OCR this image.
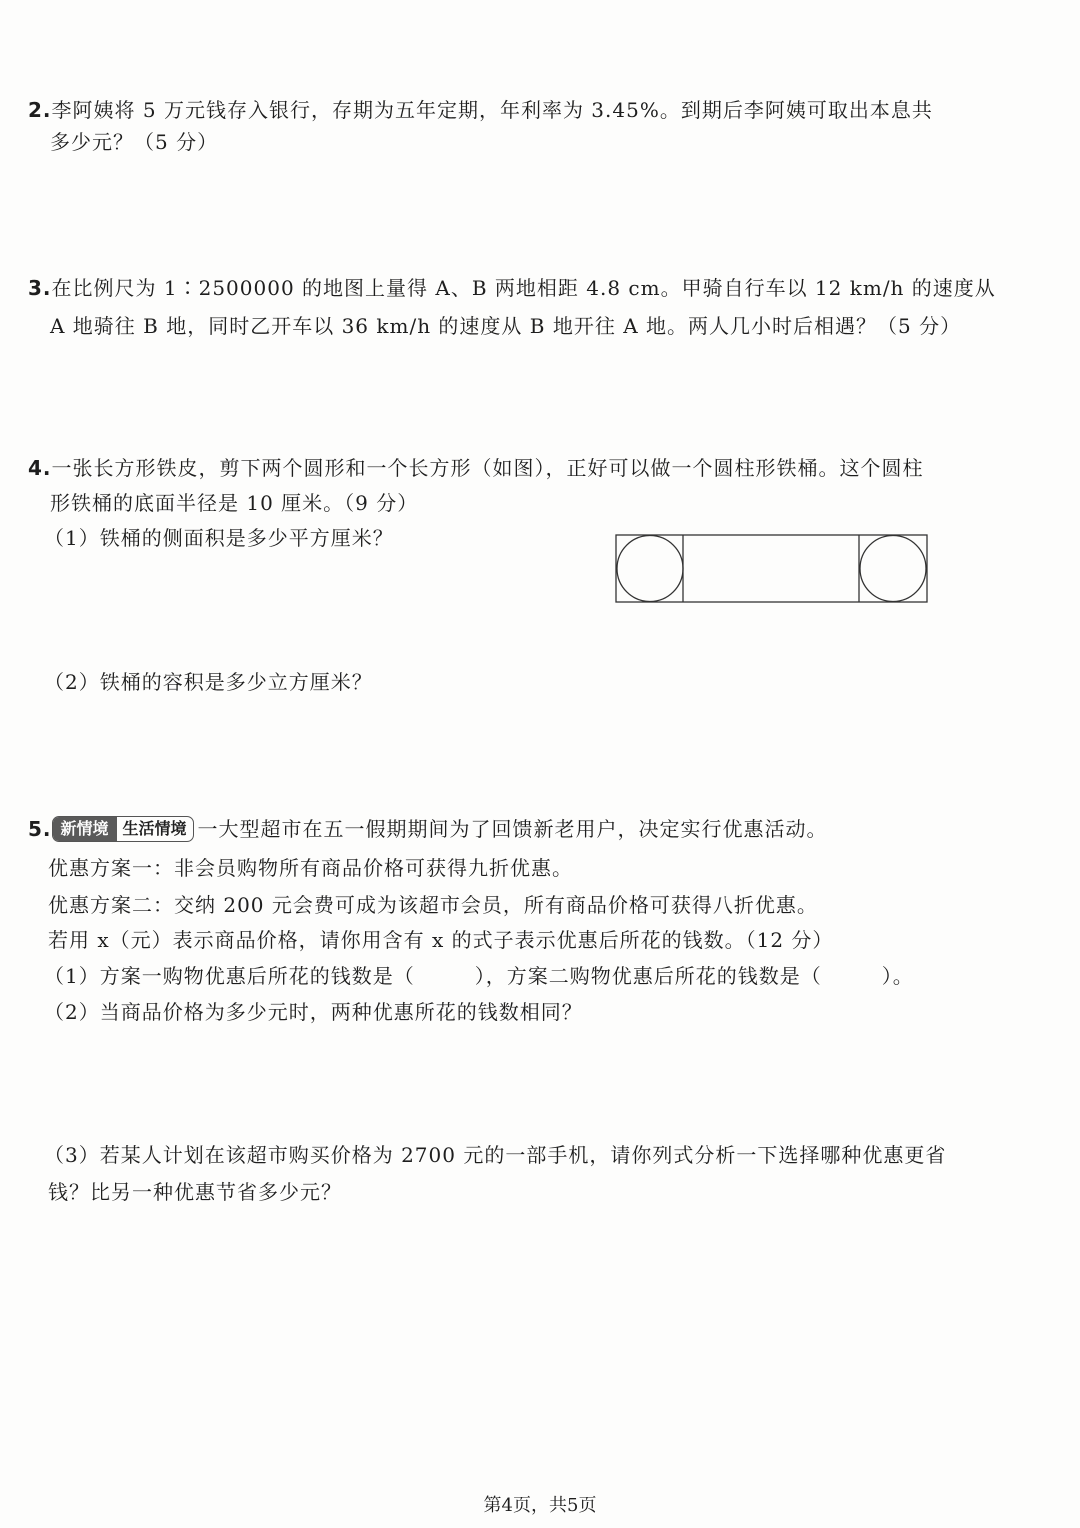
2.李阿姨将 5 万元钱存入银行，存期为五年定期，年利率为 3.45%。到期后李阿姨可取出本息共

多少元？（5 分）

3.在比例尺为 1∶2500000 的地图上量得 A、B 两地相距 4.8 cm。甲骑自行车以 12 km/h 的速度从

A 地骑往 B 地，同时乙开车以 36 km/h 的速度从 B 地开往 A 地。两人几小时后相遇？（5 分）

4.一张长方形铁皮，剪下两个圆形和一个长方形（如图），正好可以做一个圆柱形铁桶。这个圆柱

形铁桶的底面半径是 10 厘米。（9 分）

（1）铁桶的侧面积是多少平方厘米？

（2）铁桶的容积是多少立方厘米？

5. 新情境 生活情境 一大型超市在五一假期期间为了回馈新老用户，决定实行优惠活动。

优惠方案一：非会员购物所有商品价格可获得九折优惠。

优惠方案二：交纳 200 元会费可成为该超市会员，所有商品价格可获得八折优惠。

若用 x（元）表示商品价格，请你用含有 x 的式子表示优惠后所花的钱数。（12 分）

（1）方案一购物优惠后所花的钱数是（	），方案二购物优惠后所花的钱数是（	）。

（2）当商品价格为多少元时，两种优惠所花的钱数相同？

（3）若某人计划在该超市购买价格为 2700 元的一部手机，请你列式分析一下选择哪种优惠更省

钱？比另一种优惠节省多少元？

第4页，共5页
